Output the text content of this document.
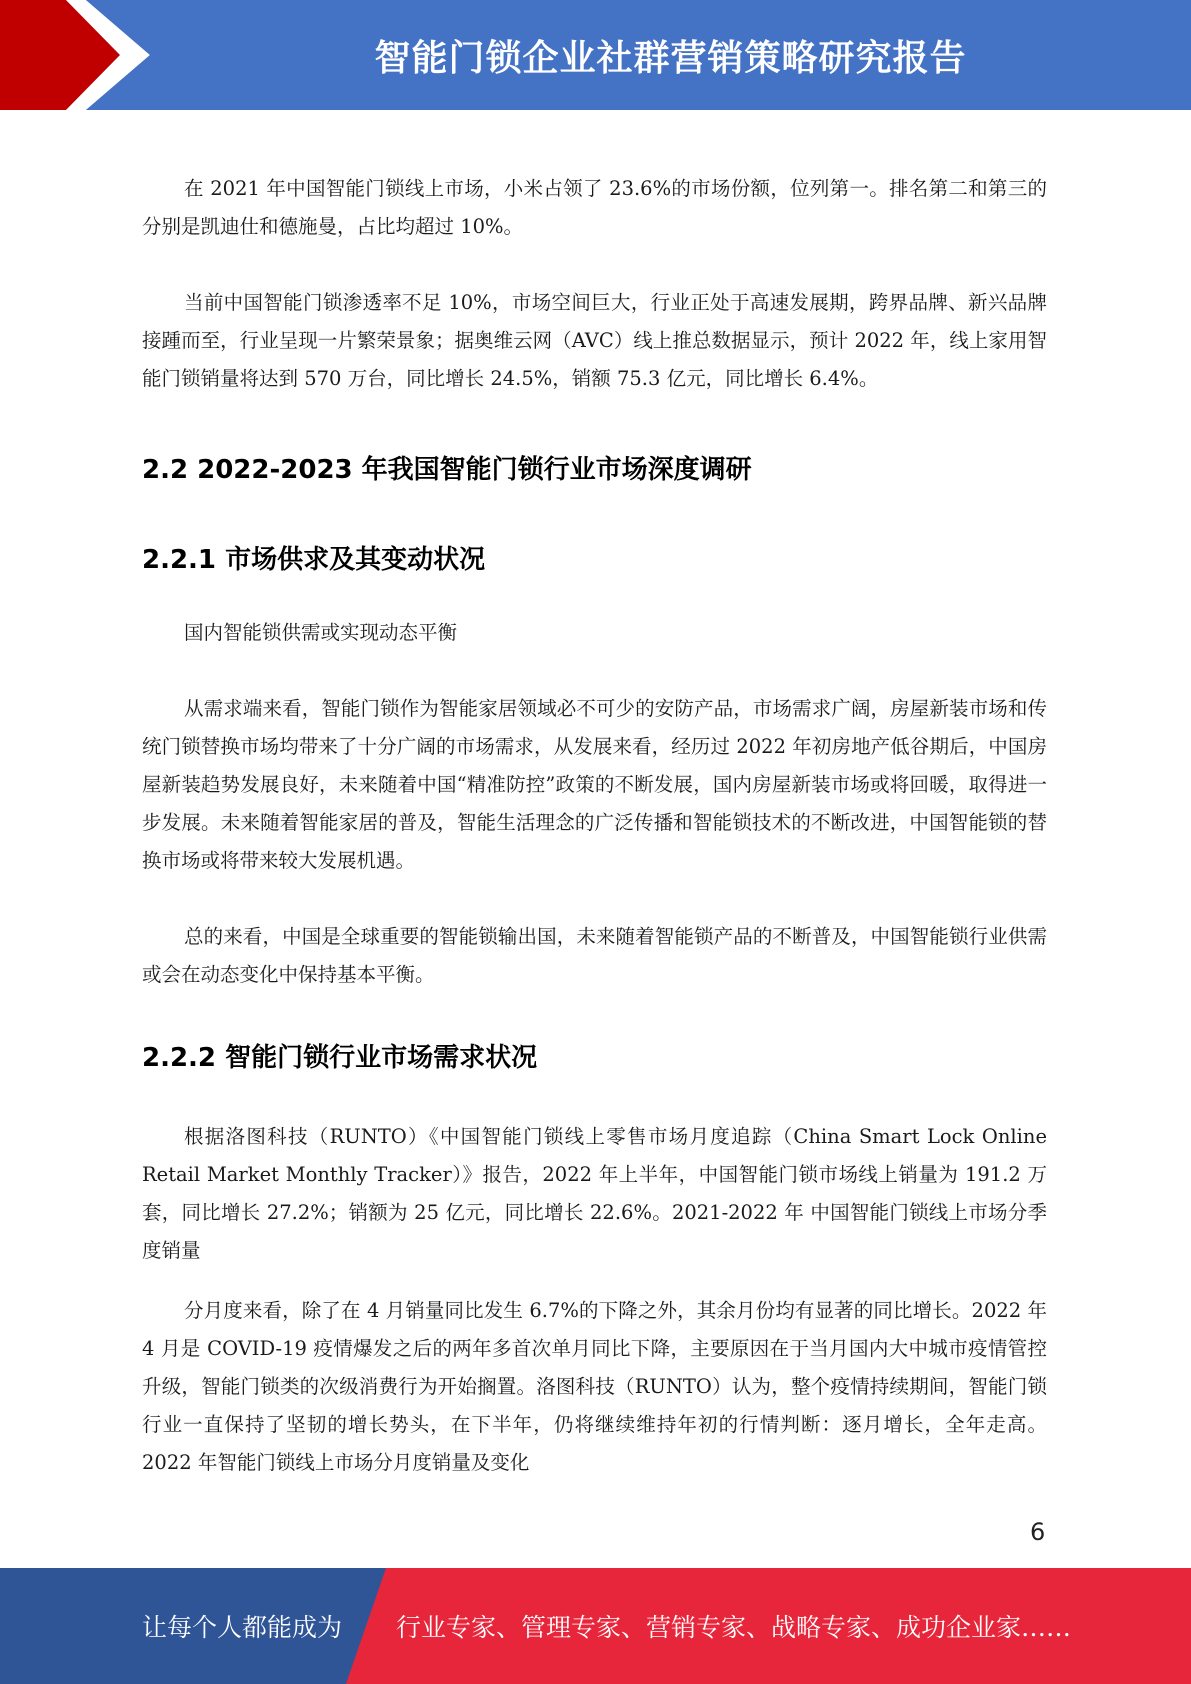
智能门锁企业社群营销策略研究报告

在 2021 年中国智能门锁线上市场，小米占领了 23.6%的市场份额，位列第一。排名第二和第三的分别是凯迪仕和德施曼，占比均超过 10%。

当前中国智能门锁渗透率不足 10%，市场空间巨大，行业正处于高速发展期，跨界品牌、新兴品牌接踵而至，行业呈现一片繁荣景象；据奥维云网（AVC）线上推总数据显示，预计 2022 年，线上家用智能门锁销量将达到 570 万台，同比增长 24.5%，销额 75.3 亿元，同比增长 6.4%。

2.2 2022-2023 年我国智能门锁行业市场深度调研
2.2.1 市场供求及其变动状况

国内智能锁供需或实现动态平衡

从需求端来看，智能门锁作为智能家居领域必不可少的安防产品，市场需求广阔，房屋新装市场和传统门锁替换市场均带来了十分广阔的市场需求，从发展来看，经历过 2022 年初房地产低谷期后，中国房屋新装趋势发展良好，未来随着中国“精准防控”政策的不断发展，国内房屋新装市场或将回暖，取得进一步发展。未来随着智能家居的普及，智能生活理念的广泛传播和智能锁技术的不断改进，中国智能锁的替换市场或将带来较大发展机遇。

总的来看，中国是全球重要的智能锁输出国，未来随着智能锁产品的不断普及，中国智能锁行业供需或会在动态变化中保持基本平衡。

2.2.2 智能门锁行业市场需求状况

根据洛图科技（RUNTO）《中国智能门锁线上零售市场月度追踪（China Smart Lock Online Retail Market Monthly Tracker）》报告，2022 年上半年，中国智能门锁市场线上销量为 191.2 万套，同比增长 27.2%；销额为 25 亿元，同比增长 22.6%。2021-2022 年 中国智能门锁线上市场分季度销量

分月度来看，除了在 4 月销量同比发生 6.7%的下降之外，其余月份均有显著的同比增长。2022 年 4 月是 COVID-19 疫情爆发之后的两年多首次单月同比下降，主要原因在于当月国内大中城市疫情管控升级，智能门锁类的次级消费行为开始搁置。洛图科技（RUNTO）认为，整个疫情持续期间，智能门锁行业一直保持了坚韧的增长势头，在下半年，仍将继续维持年初的行情判断：逐月增长，全年走高。2022 年智能门锁线上市场分月度销量及变化

6
让每个人都能成为 行业专家、管理专家、营销专家、战略专家、成功企业家……
